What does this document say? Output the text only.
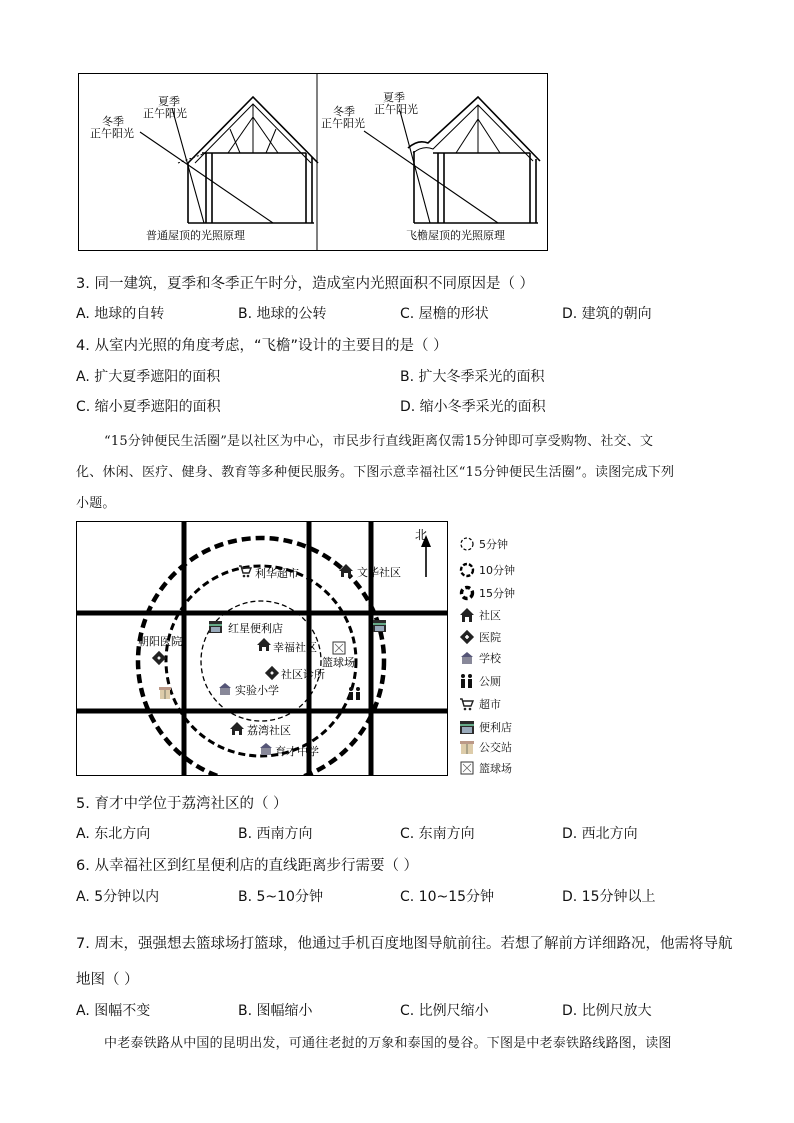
夏季
正午阳光
冬季
正午阳光
普通屋顶的光照原理
夏季
正午阳光
冬季
正午阳光
飞檐屋顶的光照原理
3. 同一建筑，夏季和冬季正午时分，造成室内光照面积不同原因是（ ）
A. 地球的自转	B. 地球的公转	C. 屋檐的形状	D. 建筑的朝向
4. 从室内光照的角度考虑，“飞檐”设计的主要目的是（ ）
A. 扩大夏季遮阳的面积	B. 扩大冬季采光的面积
C. 缩小夏季遮阳的面积	D. 缩小冬季采光的面积
“15分钟便民生活圈”是以社区为中心，市民步行直线距离仅需15分钟即可享受购物、社交、文
化、休闲、医疗、健身、教育等多种便民服务。下图示意幸福社区“15分钟便民生活圈”。读图完成下列
小题。
北
利华超市	文华社区
红星便利店
幸福社区
朝阳医院
篮球场
社区诊所
实验小学
荔湾社区
育才中学
5分钟
10分钟
15分钟
社区
医院
学校
公厕
超市
便利店
公交站
篮球场
5. 育才中学位于荔湾社区的（ ）
A. 东北方向	B. 西南方向	C. 东南方向	D. 西北方向
6. 从幸福社区到红星便利店的直线距离步行需要（ ）
A. 5分钟以内	B. 5~10分钟	C. 10~15分钟	D. 15分钟以上
7. 周末，强强想去篮球场打篮球，他通过手机百度地图导航前往。若想了解前方详细路况，他需将导航
地图（ ）
A. 图幅不变	B. 图幅缩小	C. 比例尺缩小	D. 比例尺放大
中老泰铁路从中国的昆明出发，可通往老挝的万象和泰国的曼谷。下图是中老泰铁路线路图，读图
